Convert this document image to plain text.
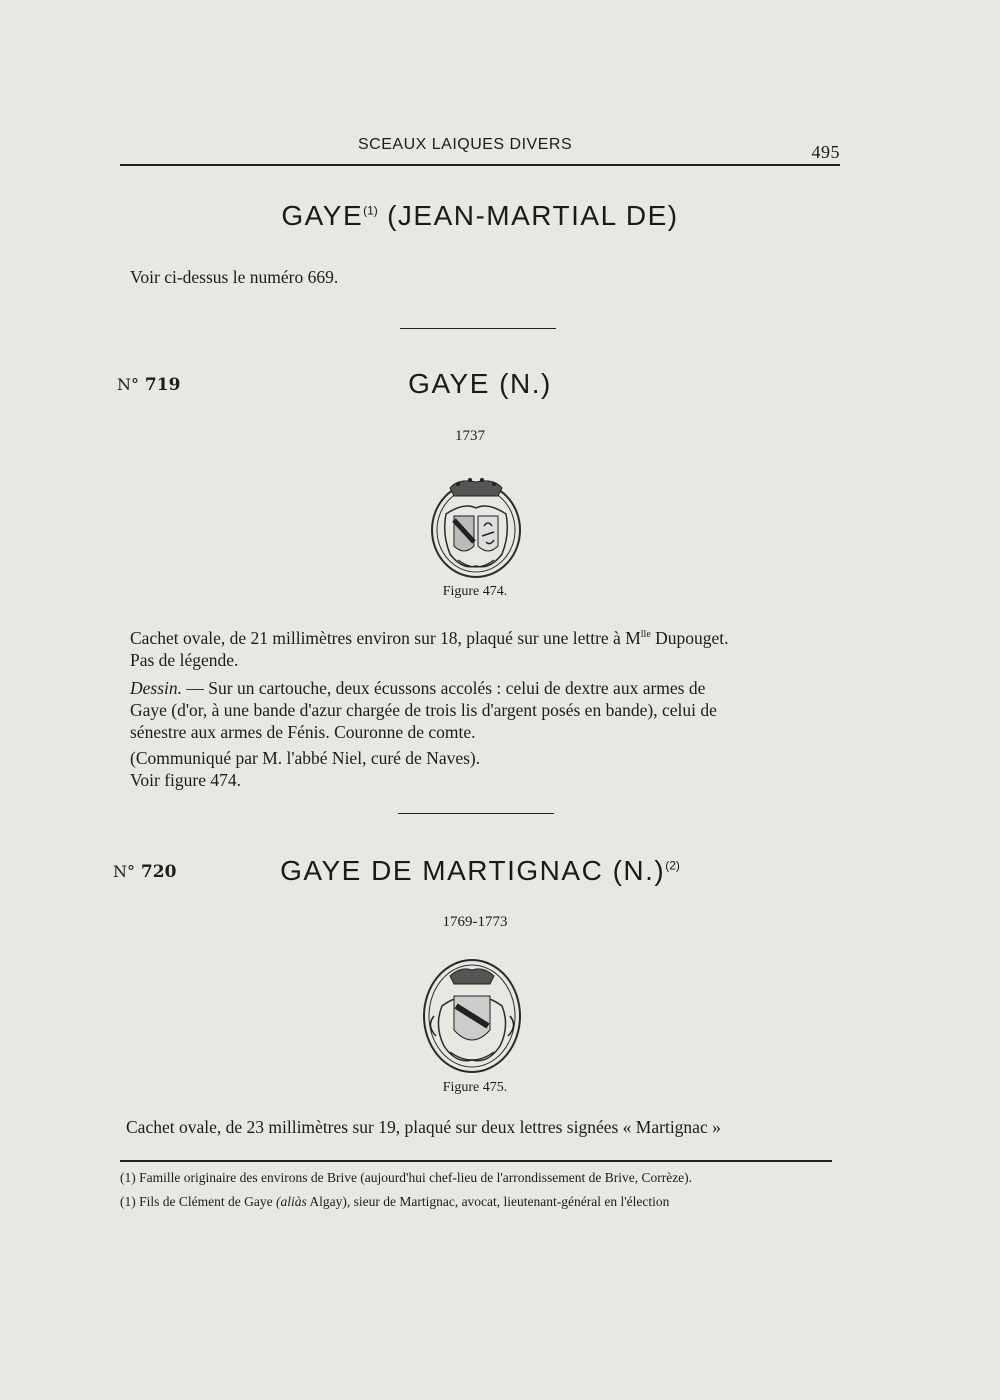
SCEAUX LAIQUES DIVERS	495
GAYE$^{(1)}$ (JEAN-MARTIAL DE)
Voir ci-dessus le numéro 669.
N° 719	GAYE (N.)
1737
Figure 474.
Cachet ovale, de 21 millimètres environ sur 18, plaqué sur une lettre à $M^{lle}$ Dupouget.
Pas de légende.
Dessin. — Sur un cartouche, deux écussons accolés : celui de dextre aux armes de
Gaye (d'or, à une bande d'azur chargée de trois lis d'argent posés en bande), celui de
sénestre aux armes de Fénis. Couronne de comte.
(Communiqué par M. l'abbé Niel, curé de Naves).
Voir figure 474.
N° 720	GAYE DE MARTIGNAC $(N.)^{(2)}$
1769-1773
Figure 475.
Cachet ovale, de 23 millimètres sur 19, plaqué sur deux lettres signées « Martignac »
(1) Famille originaire des environs de Brive (aujourd'hui chef-lieu de l'arrondissement de Brive, Corrèze).
(1) Fils de Clément de Gaye (aliàs Algay), sieur de Martignac, avocat, lieutenant-général en l'élection
